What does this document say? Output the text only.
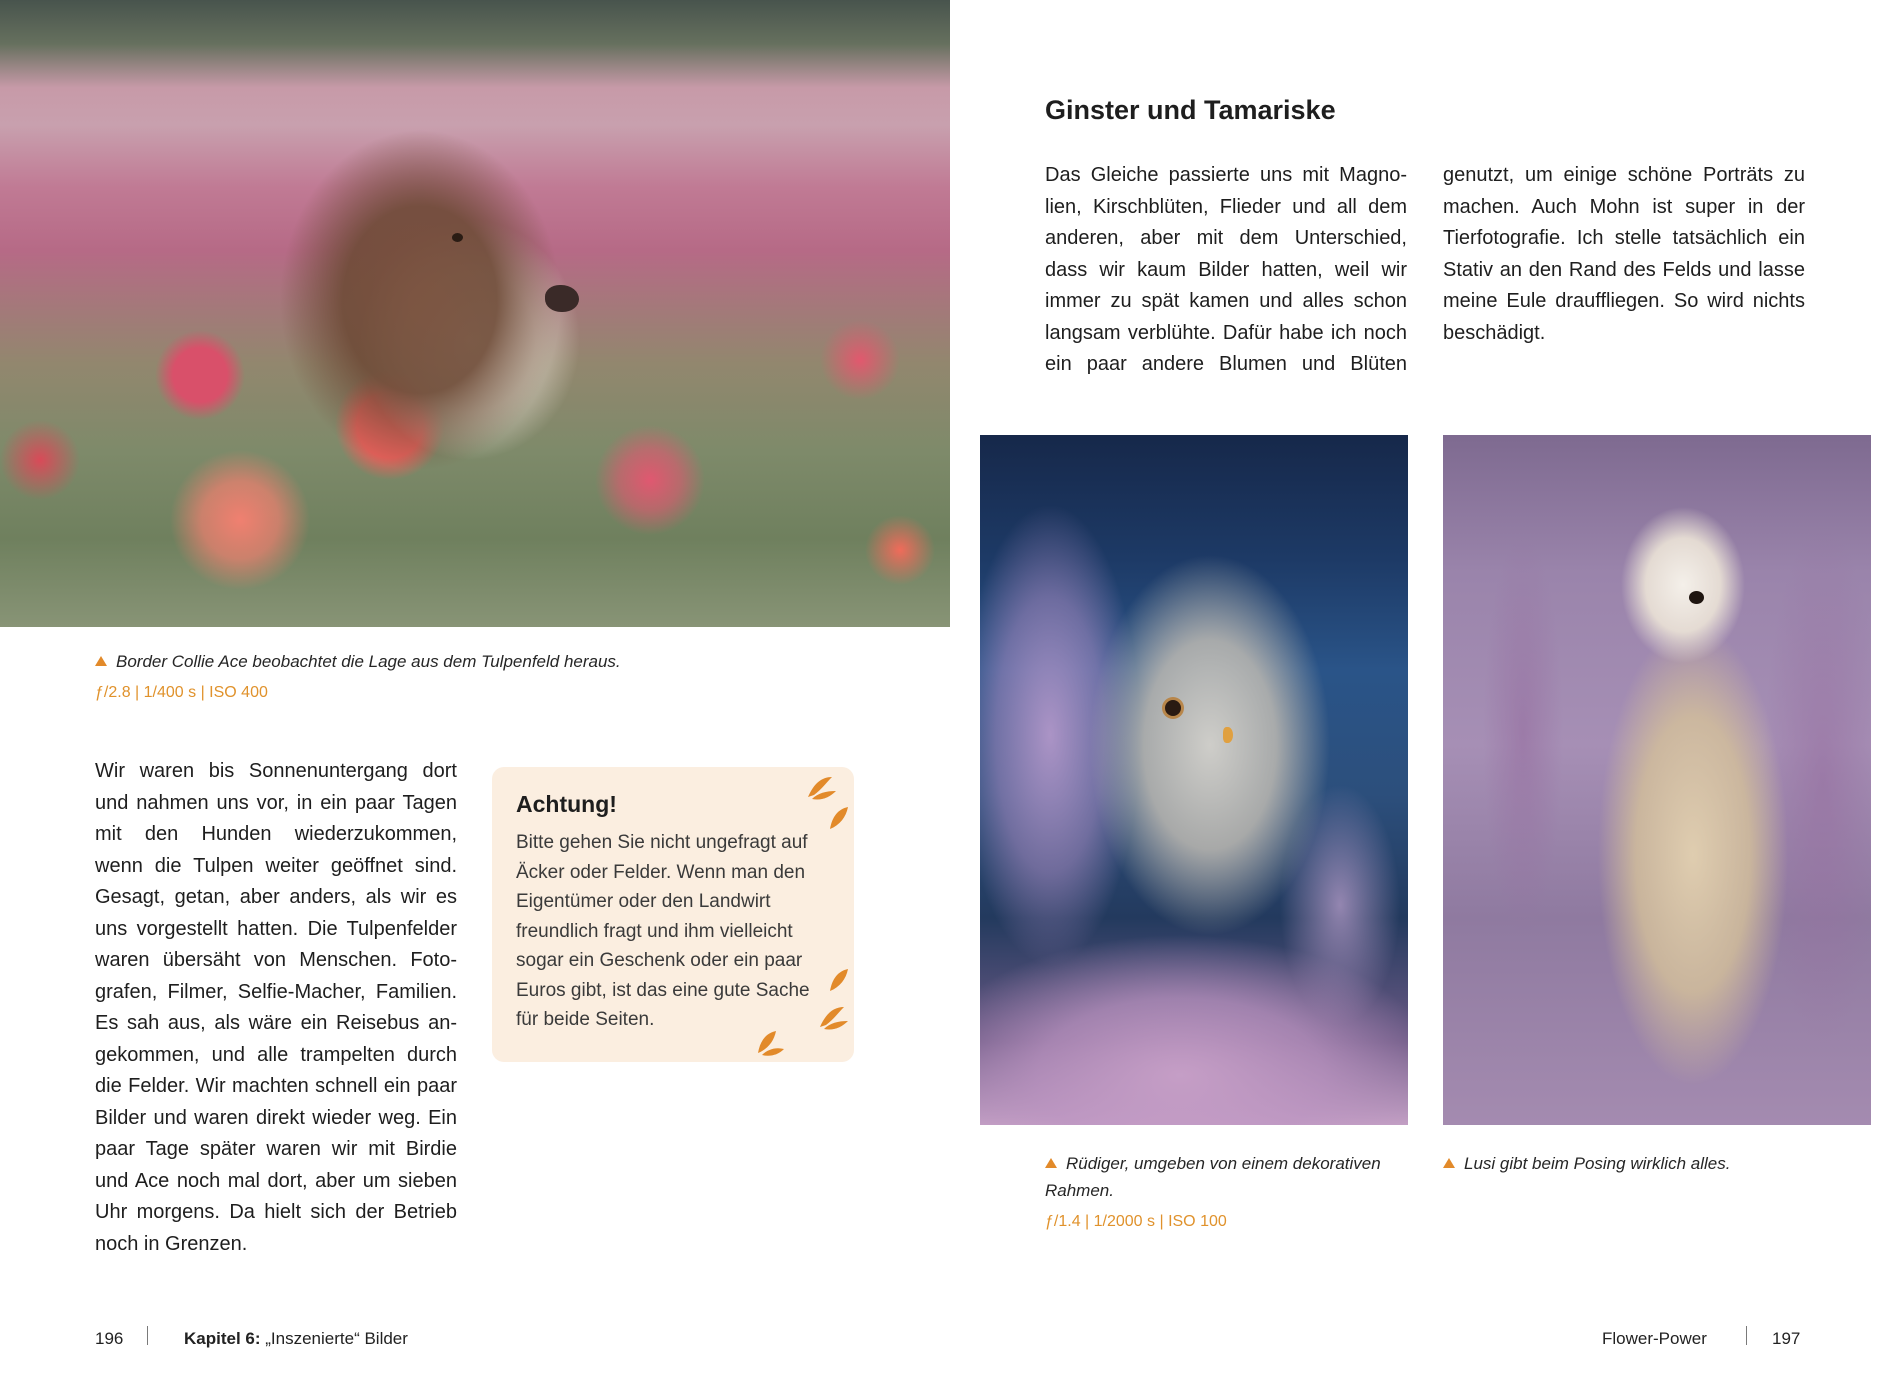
Border Collie Ace beobachtet die Lage aus dem Tulpenfeld heraus.
ƒ/2.8 | 1/400 s | ISO 400
Wir waren bis Sonnenuntergang dort
und nahmen uns vor, in ein paar Tagen
mit den Hunden wiederzukommen,
wenn die Tulpen weiter geöffnet sind.
Gesagt, getan, aber anders, als wir es
uns vorgestellt hatten. Die Tulpenfelder
waren übersäht von Menschen. Foto-
grafen, Filmer, Selfie-Macher, Familien.
Es sah aus, als wäre ein Reisebus an-
gekommen, und alle trampelten durch
die Felder. Wir machten schnell ein paar
Bilder und waren direkt wieder weg. Ein
paar Tage später waren wir mit Birdie
und Ace noch mal dort, aber um sieben
Uhr morgens. Da hielt sich der Betrieb
noch in Grenzen.
Achtung!
Bitte gehen Sie nicht ungefragt auf
Äcker oder Felder. Wenn man den
Eigentümer oder den Landwirt
freundlich fragt und ihm vielleicht
sogar ein Geschenk oder ein paar
Euros gibt, ist das eine gute Sache
für beide Seiten.
Ginster und Tamariske
Das Gleiche passierte uns mit Magno-
lien, Kirschblüten, Flieder und all dem
anderen, aber mit dem Unterschied,
dass wir kaum Bilder hatten, weil wir
immer zu spät kamen und alles schon
langsam verblühte. Dafür habe ich noch
ein paar andere Blumen und Blüten
genutzt, um einige schöne Porträts zu
machen. Auch Mohn ist super in der
Tierfotografie. Ich stelle tatsächlich ein
Stativ an den Rand des Felds und lasse
meine Eule drauffliegen. So wird nichts
beschädigt.
Rüdiger, umgeben von einem dekorativen Rahmen.
ƒ/1.4 | 1/2000 s | ISO 100
Lusi gibt beim Posing wirklich alles.
196	Kapitel 6: „Inszenierte“ Bilder	Flower-Power	197
